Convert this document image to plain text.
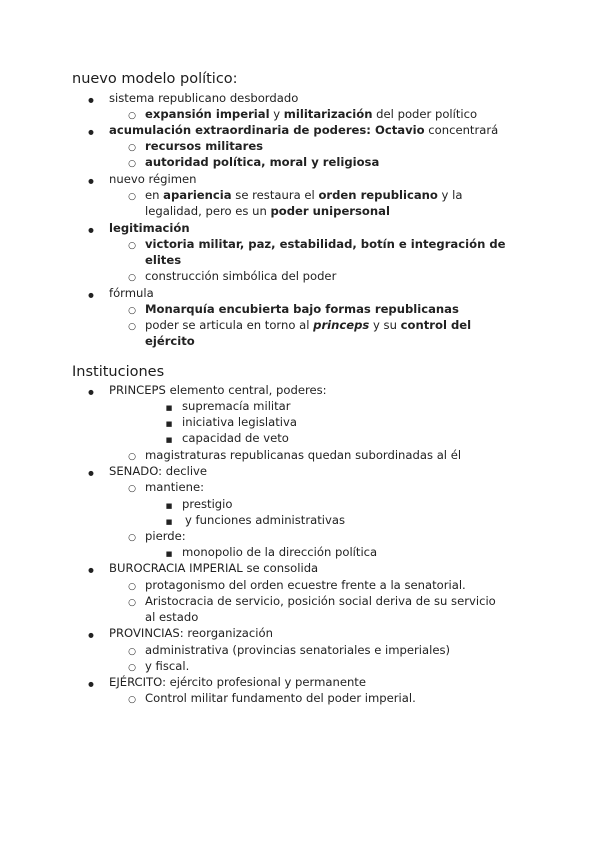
nuevo modelo político:
●
sistema republicano desbordado
○
expansión imperial y militarización del poder político
●
acumulación extraordinaria de poderes: Octavio concentrará
○
recursos militares
○
autoridad política, moral y religiosa
●
nuevo régimen
○
en apariencia se restaura el orden republicano y la
legalidad, pero es un poder unipersonal
●
legitimación
○
victoria militar, paz, estabilidad, botín e integración de
elites
○
construcción simbólica del poder
●
fórmula
○
Monarquía encubierta bajo formas republicanas
○
poder se articula en torno al princeps y su control del
ejército
Instituciones
●
PRINCEPS elemento central, poderes:
■
supremacía militar
■
iniciativa legislativa
■
capacidad de veto
○
magistraturas republicanas quedan subordinadas al él
●
SENADO: declive
○
mantiene:
■
prestigio
■
y funciones administrativas
○
pierde:
■
monopolio de la dirección política
●
BUROCRACIA IMPERIAL se consolida
○
protagonismo del orden ecuestre frente a la senatorial.
○
Aristocracia de servicio, posición social deriva de su servicio
al estado
●
PROVINCIAS: reorganización
○
administrativa (provincias senatoriales e imperiales)
○
y fiscal.
●
EJÉRCITO: ejército profesional y permanente
○
Control militar fundamento del poder imperial.
